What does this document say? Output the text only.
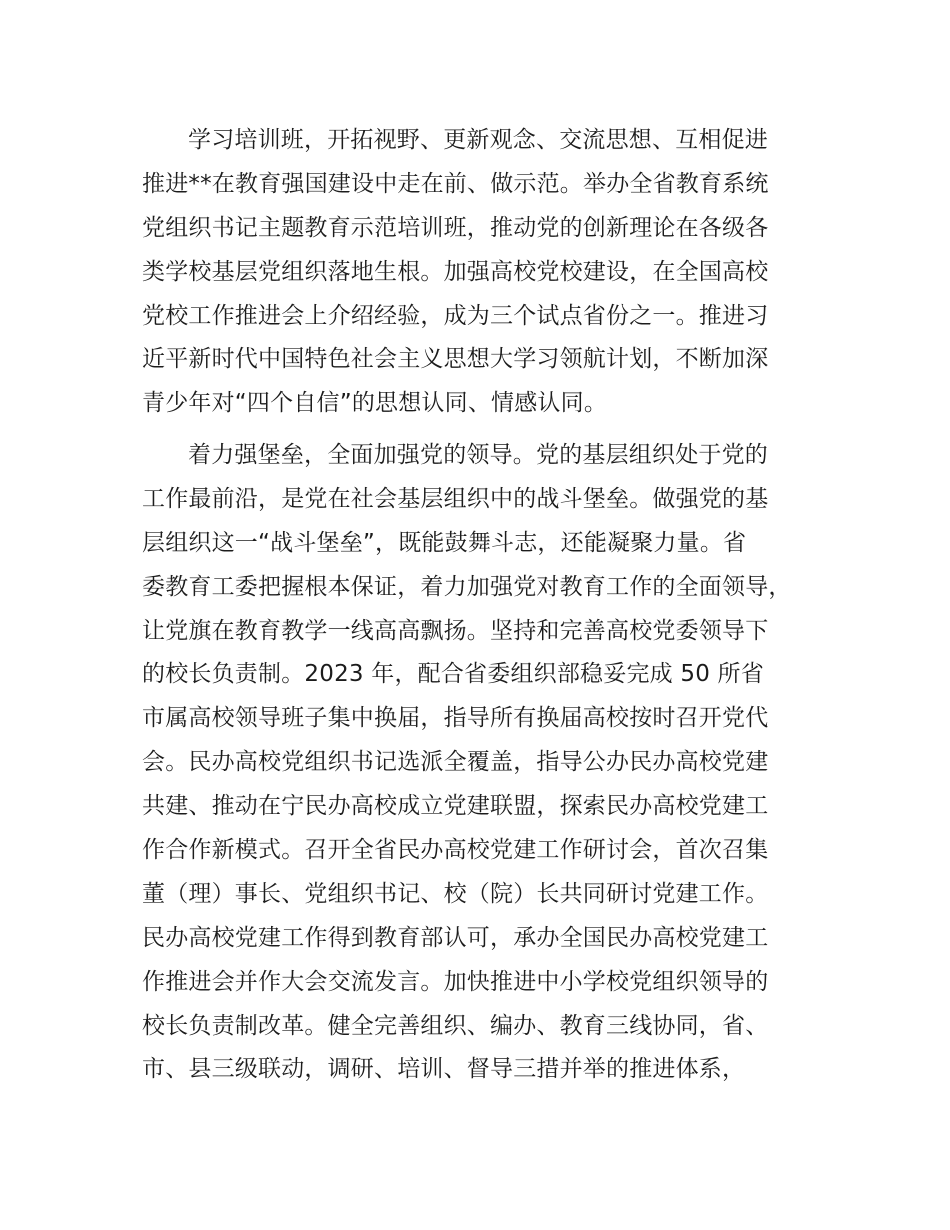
学习培训班，开拓视野、更新观念、交流思想、互相促进
推进**在教育强国建设中走在前、做示范。举办全省教育系统
党组织书记主题教育示范培训班，推动党的创新理论在各级各
类学校基层党组织落地生根。加强高校党校建设，在全国高校
党校工作推进会上介绍经验，成为三个试点省份之一。推进习
近平新时代中国特色社会主义思想大学习领航计划，不断加深
青少年对“四个自信”的思想认同、情感认同。
着力强堡垒，全面加强党的领导。党的基层组织处于党的
工作最前沿，是党在社会基层组织中的战斗堡垒。做强党的基
层组织这一“战斗堡垒”，既能鼓舞斗志，还能凝聚力量。省
委教育工委把握根本保证，着力加强党对教育工作的全面领导，
让党旗在教育教学一线高高飘扬。坚持和完善高校党委领导下
的校长负责制。2023 年，配合省委组织部稳妥完成 50 所省
市属高校领导班子集中换届，指导所有换届高校按时召开党代
会。民办高校党组织书记选派全覆盖，指导公办民办高校党建
共建、推动在宁民办高校成立党建联盟，探索民办高校党建工
作合作新模式。召开全省民办高校党建工作研讨会，首次召集
董（理）事长、党组织书记、校（院）长共同研讨党建工作。
民办高校党建工作得到教育部认可，承办全国民办高校党建工
作推进会并作大会交流发言。加快推进中小学校党组织领导的
校长负责制改革。健全完善组织、编办、教育三线协同，省、
市、县三级联动，调研、培训、督导三措并举的推进体系，
